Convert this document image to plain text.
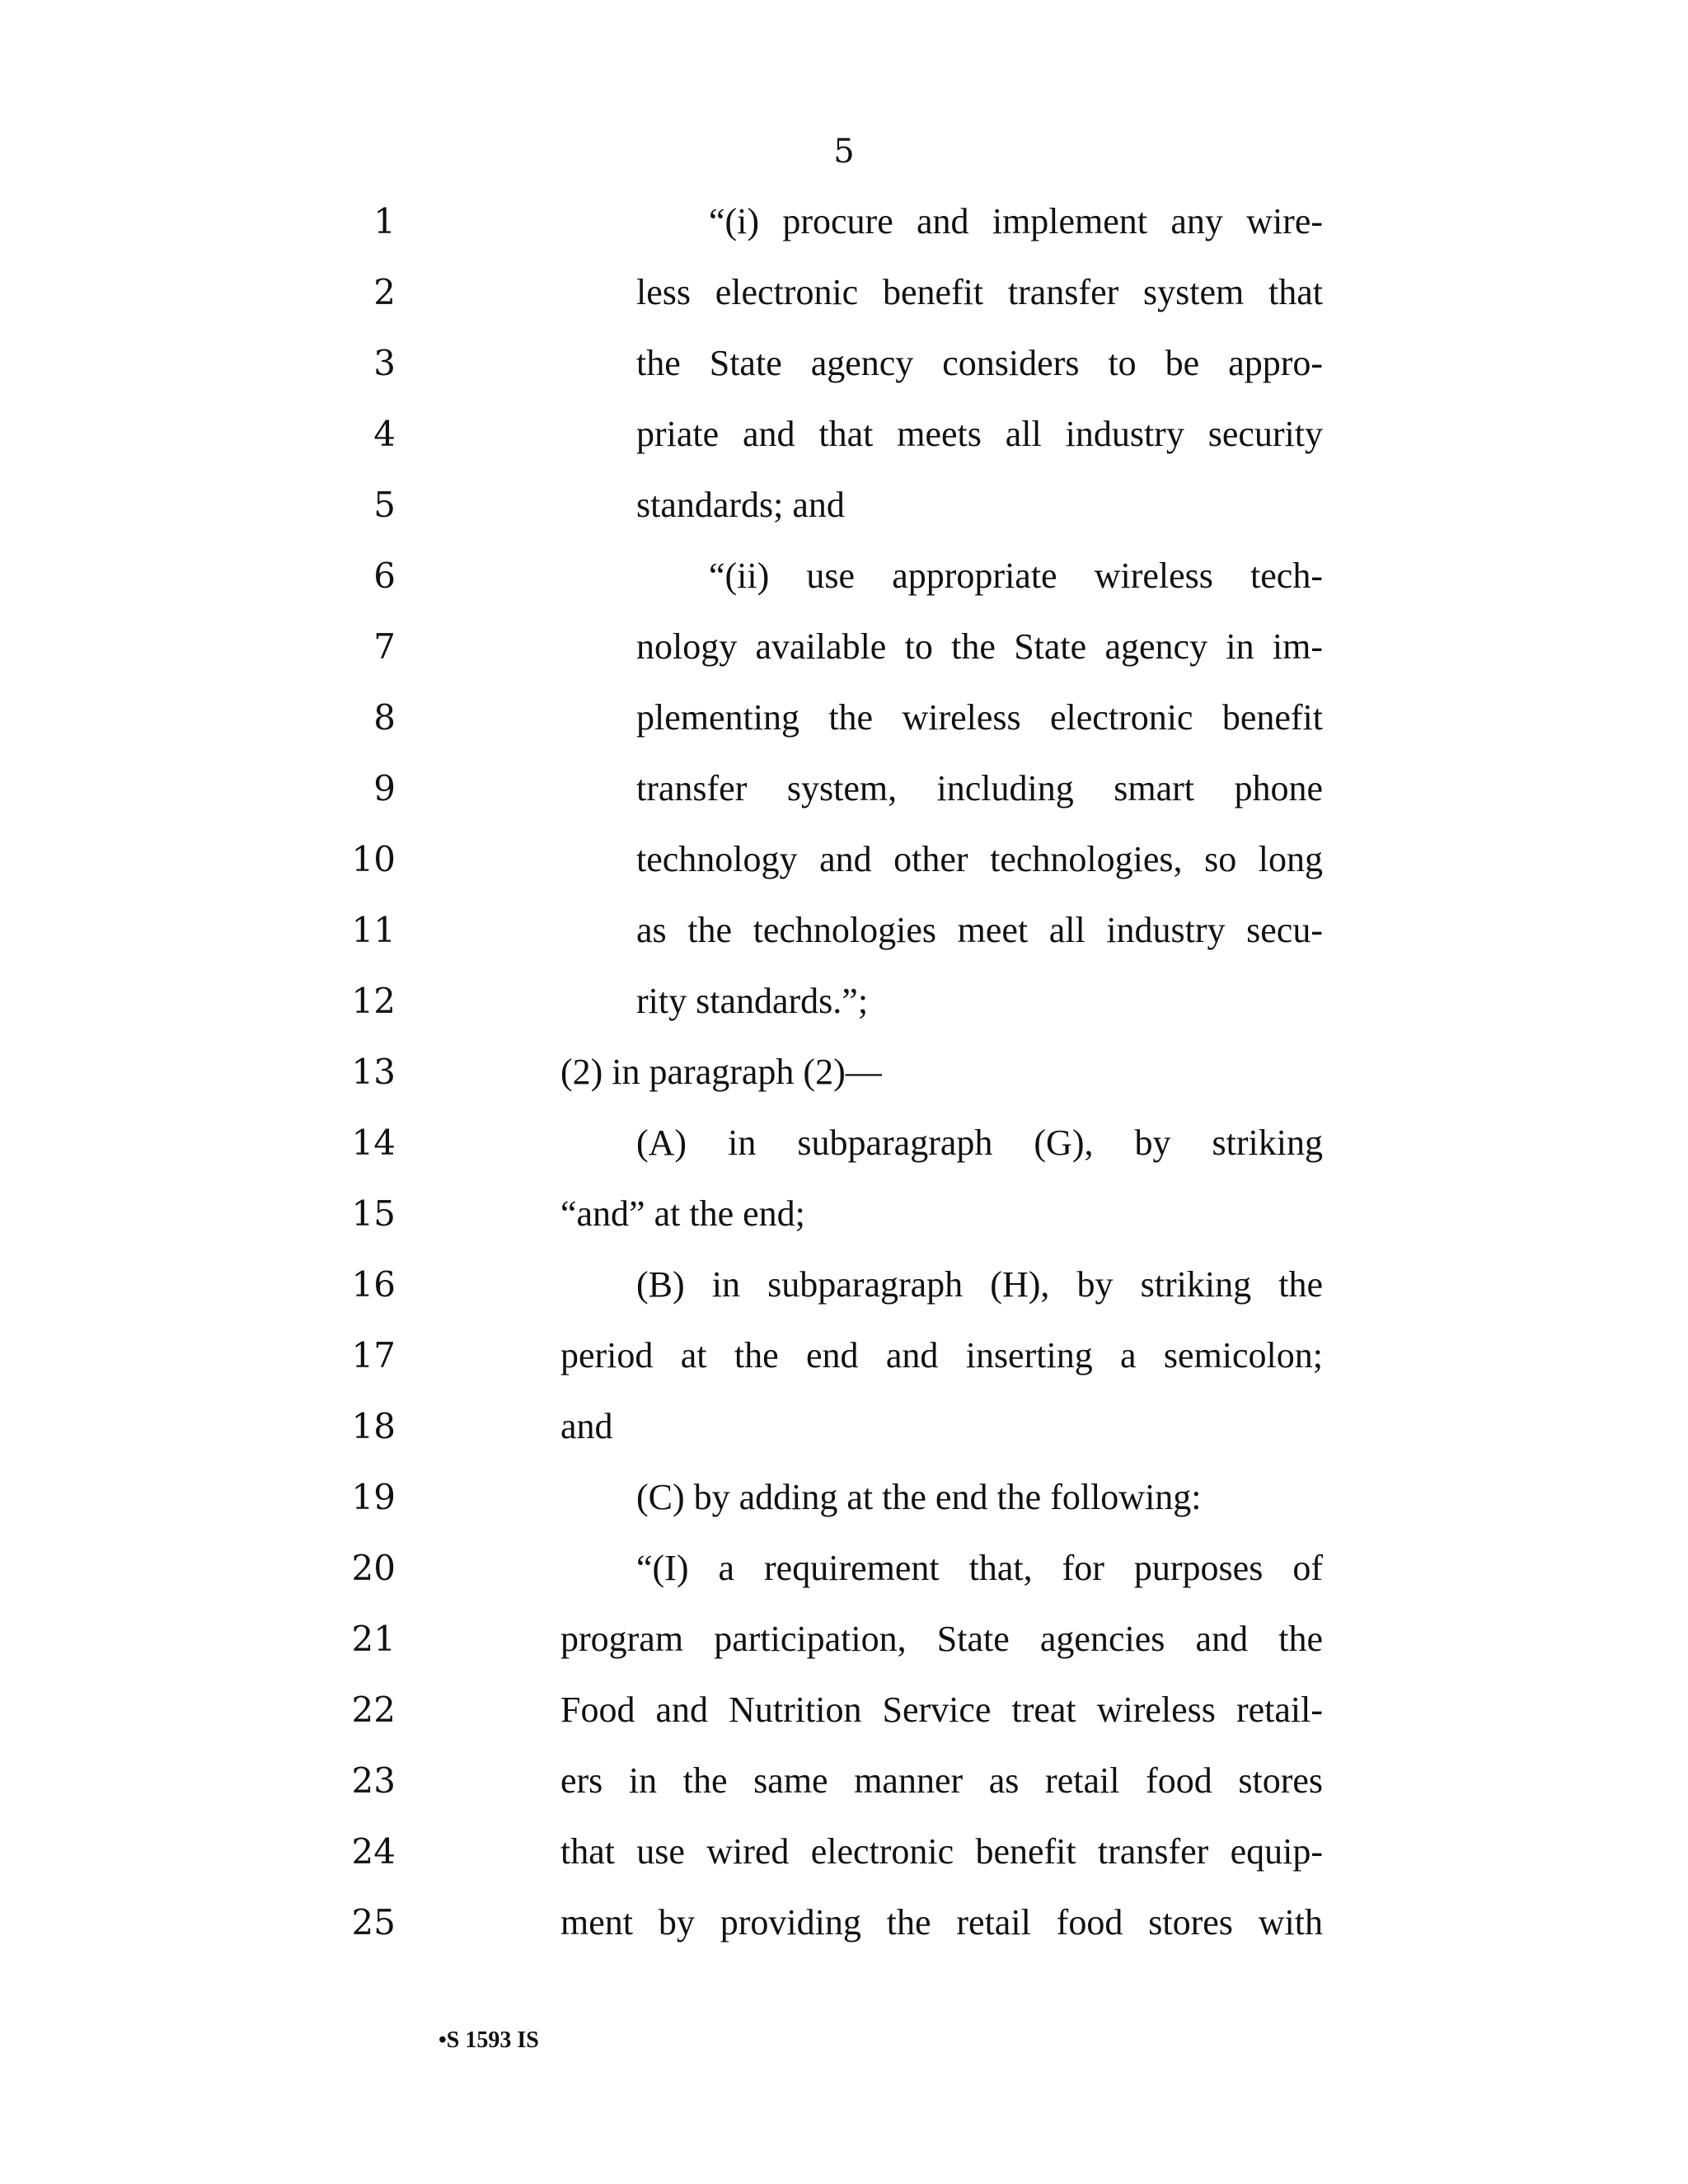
5
1
2
3
4
5
6
7
8
9
10
11
12
13
14
15
16
17
18
19
20
21
22
23
24
25
“(i) procure and implement any wire-
less electronic benefit transfer system that
the State agency considers to be appro-
priate and that meets all industry security
standards; and
“(ii) use appropriate wireless tech-
nology available to the State agency in im-
plementing the wireless electronic benefit
transfer system, including smart phone
technology and other technologies, so long
as the technologies meet all industry secu-
rity standards.”;
(2) in paragraph (2)—
(A) in subparagraph (G), by striking
“and” at the end;
(B) in subparagraph (H), by striking the
period at the end and inserting a semicolon;
and
(C) by adding at the end the following:
“(I) a requirement that, for purposes of
program participation, State agencies and the
Food and Nutrition Service treat wireless retail-
ers in the same manner as retail food stores
that use wired electronic benefit transfer equip-
ment by providing the retail food stores with
•S 1593 IS
